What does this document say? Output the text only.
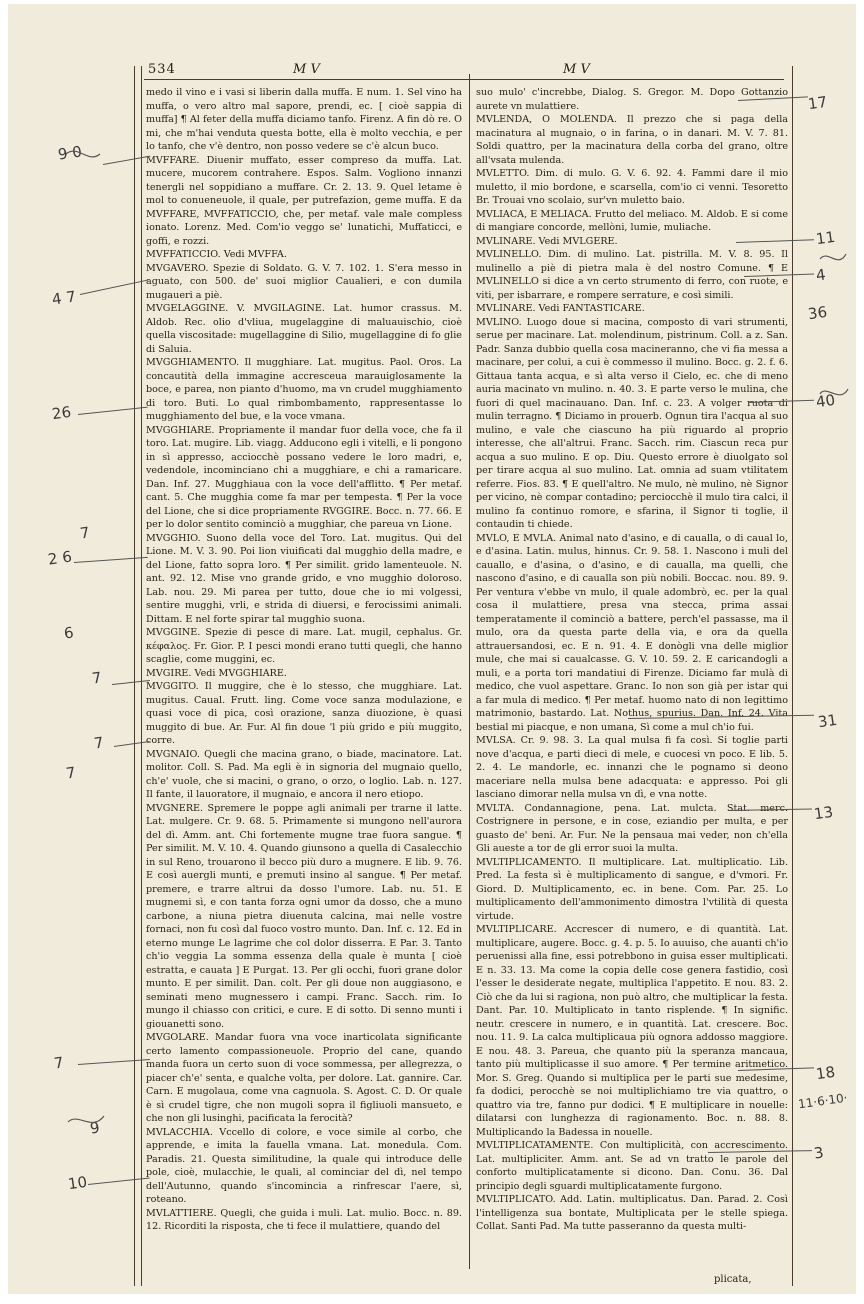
534	M V	M V

medo il vino e i vasi si liberin dalla muffa. E num. 1. Sel vino ha muffa, o vero altro mal sapore, prendi, ec. [ cioè sappia di muffa] ¶ Al feter della muffa diciamo tanfo. Firenz. A fin dò re. O mi, che m'hai venduta questa botte, ella è molto vecchia, e per lo tanfo, che v'è dentro, non posso vedere se c'è alcun buco.

MVFFARE. Diuenir muffato, esser compreso da muffa. Lat. mucere, mucorem contrahere. Espos. Salm. Vogliono innanzi tenergli nel soppidiano a muffare. Cr. 2. 13. 9. Quel letame è mol to conueneuole, il quale, per putrefazion, geme muffa. E da MVFFARE, MVFFATICCIO, che, per metaf. vale male compless ionato. Lorenz. Med. Com'io veggo se' lunatichi, Muffaticci, e goffi, e rozzi.

MVFFATICCIO. Vedi MVFFA.

MVGAVERO. Spezie di Soldato. G. V. 7. 102. 1. S'era messo in aguato, con 500. de' suoi miglior Caualieri, e con dumila mugaueri a piè.

MVGELAGGINE. V. MVGILAGINE. Lat. humor crassus. M. Aldob. Rec. olio d'vliua, mugelaggine di maluauischio, cioè quella viscositade: mugellaggine di Silio, mugellaggine di fo glie di Saluia.

MVGGHIAMENTO. Il mugghiare. Lat. mugitus. Paol. Oros. La concautità della immagine accresceua marauiglosamente la boce, e parea, non pianto d'huomo, ma vn crudel mugghiamento di toro. Buti. Lo qual rimbombamento, rappresentasse lo mugghiamento del bue, e la voce vmana.

MVGGHIARE. Propriamente il mandar fuor della voce, che fa il toro. Lat. mugire. Lib. viagg. Adducono egli i vitelli, e li pongono in sì appresso, acciocchè possano vedere le loro madri, e, vedendole, incominciano chi a mugghiare, e chi a ramaricare. Dan. Inf. 27. Mugghiaua con la voce dell'afflitto. ¶ Per metaf. cant. 5. Che mugghia come fa mar per tempesta. ¶ Per la voce del Lione, che si dice propriamente RVGGIRE. Bocc. n. 77. 66. E per lo dolor sentito cominciò a mugghiar, che pareua vn Lione.

MVGGHIO. Suono della voce del Toro. Lat. mugitus. Qui del Lione. M. V. 3. 90. Poi lion viuificati dal mugghio della madre, e del Lione, fatto sopra loro. ¶ Per similit. grido lamenteuole. N. ant. 92. 12. Mise vno grande grido, e vno mugghio doloroso. Lab. nou. 29. Mi parea per tutto, doue che io mi volgessi, sentire mugghi, vrli, e strida di diuersi, e ferocissimi animali. Dittam. E nel forte spirar tal mugghio suona.

MVGGINE. Spezie di pesce di mare. Lat. mugil, cephalus. Gr. κέφαλος. Fr. Gior. P. I pesci mondi erano tutti quegli, che hanno scaglie, come muggini, ec.

MVGIRE. Vedi MVGGHIARE.

MVGGITO. Il muggire, che è lo stesso, che mugghiare. Lat. mugitus. Caual. Frutt. ling. Come voce sanza modulazione, e quasi voce di pica, così orazione, sanza diuozione, è quasi muggito di bue. Ar. Fur. Al fin doue 'l più grido e più muggito, corre.

MVGNAIO. Quegli che macina grano, o biade, macinatore. Lat. molitor. Coll. S. Pad. Ma egli è in signoria del mugnaio quello, ch'e' vuole, che si macini, o grano, o orzo, o loglio. Lab. n. 127. Il fante, il lauoratore, il mugnaio, e ancora il nero etiopo.

MVGNERE. Spremere le poppe agli animali per trarne il latte. Lat. mulgere. Cr. 9. 68. 5. Primamente si mungono nell'aurora del dì. Amm. ant. Chi fortemente mugne trae fuora sangue. ¶ Per similit. M. V. 10. 4. Quando giunsono a quella di Casalecchio in sul Reno, trouarono il becco più duro a mugnere. E lib. 9. 76. E così auergli munti, e premuti insino al sangue. ¶ Per metaf. premere, e trarre altrui da dosso l'umore. Lab. nu. 51. E mugnemi sì, e con tanta forza ogni umor da dosso, che a muno carbone, a niuna pietra diuenuta calcina, mai nelle vostre fornaci, non fu così dal fuoco vostro munto. Dan. Inf. c. 12. Ed in eterno munge Le lagrime che col dolor disserra. E Par. 3. Tanto ch'io veggia La somma essenza della quale è munta [ cioè estratta, e cauata ] E Purgat. 13. Per gli occhi, fuori grane dolor munto. E per similit. Dan. colt. Per gli doue non auggiasono, e seminati meno mugnessero i campi. Franc. Sacch. rim. Io mungo il chiasso con critici, e cure. E di sotto. Di senno munti i giouanetti sono.

MVGOLARE. Mandar fuora vna voce inarticolata significante certo lamento compassioneuole. Proprio del cane, quando manda fuora un certo suon di voce sommessa, per allegrezza, o piacer ch'e' senta, e qualche volta, per dolore. Lat. gannire. Car. Carn. E mugolaua, come vna cagnuola. S. Agost. C. D. Or quale è sì crudel tigre, che non mugoli sopra il figliuoli mansueto, e che non gli lusinghi, pacificata la ferocità?

MVLACCHIA. Vccello di colore, e voce simile al corbo, che apprende, e imita la fauella vmana. Lat. monedula. Com. Paradis. 21. Questa similitudine, la quale qui introduce delle pole, cioè, mulacchie, le quali, al cominciar del dì, nel tempo dell'Autunno, quando s'incomincia a rinfrescar l'aere, sì, roteano.

MVLATTIERE. Quegli, che guida i muli. Lat. mulio. Bocc. n. 89. 12. Ricorditi la risposta, che ti fece il mulattiere, quando del

suo mulo' c'increbbe, Dialog. S. Gregor. M. Dopo Gottanzio aurete vn mulattiere.

MVLENDA, O MOLENDA. Il prezzo che si paga della macinatura al mugnaio, o in farina, o in danari. M. V. 7. 81. Soldi quattro, per la macinatura della corba del grano, oltre all'vsata mulenda.

MVLETTO. Dim. di mulo. G. V. 6. 92. 4. Fammi dare il mio muletto, il mio bordone, e scarsella, com'io ci venni. Tesoretto Br. Trouai vno scolaio, sur'vn muletto baio.

MVLIACA, E MELIACA. Frutto del meliaco. M. Aldob. E si come di mangiare concorde, mellòni, lumie, muliache.

MVLINARE. Vedi MVLGERE.

MVLINELLO. Dim. di mulino. Lat. pistrilla. M. V. 8. 95. Il mulinello a piè di pietra mala è del nostro Comune. ¶ E MVLINELLO si dice a vn certo strumento di ferro, con ruote, e viti, per isbarrare, e rompere serrature, e così simili.

MVLINARE. Vedi FANTASTICARE.

MVLINO. Luogo doue si macina, composto di vari strumenti, serue per macinare. Lat. molendinum, pistrinum. Coll. a z. San. Padr. Sanza dubbio quella cosa macineranno, che vi fia messa a macinare, per colui, a cui è commesso il mulino. Bocc. g. 2. f. 6. Gittaua tanta acqua, e sì alta verso il Cielo, ec. che di meno auria macinato vn mulino. n. 40. 3. E parte verso le mulina, che fuori di quel macinauano. Dan. Inf. c. 23. A volger ruota di mulin terragno. ¶ Diciamo in prouerb. Ognun tira l'acqua al suo mulino, e vale che ciascuno ha più riguardo al proprio interesse, che all'altrui. Franc. Sacch. rim. Ciascun reca pur acqua a suo mulino. E op. Diu. Questo errore è diuolgato sol per tirare acqua al suo mulino. Lat. omnia ad suam vtilitatem referre. Fios. 83. ¶ E quell'altro. Ne mulo, nè mulino, nè Signor per vicino, nè compar contadino; perciocchè il mulo tira calci, il mulino fa continuo romore, e sfarina, il Signor ti toglie, il contaudin ti chiede.

MVLO, E MVLA. Animal nato d'asino, e di caualla, o di caual lo, e d'asina. Latin. mulus, hinnus. Cr. 9. 58. 1. Nascono i muli del cauallo, e d'asina, o d'asino, e di caualla, ma quelli, che nascono d'asino, e di caualla son più nobili. Boccac. nou. 89. 9. Per ventura v'ebbe vn mulo, il quale adombrò, ec. per la qual cosa il mulattiere, presa vna stecca, prima assai temperatamente il cominciò a battere, perch'el passasse, ma il mulo, ora da questa parte della via, e ora da quella attrauersandosi, ec. E n. 91. 4. E donògli vna delle miglior mule, che mai si caualcasse. G. V. 10. 59. 2. E caricandogli a muli, e a porta tori mandatiui di Firenze. Diciamo far mulà di medico, che vuol aspettare. Granc. Io non son già per istar qui a far mula di medico. ¶ Per metaf. huomo nato di non legittimo matrimonio, bastardo. Lat. Nothus, spurius. Dan. Inf. 24. Vita bestial mi piacque, e non umana, Sì come a mul ch'io fui.

MVLSA. Cr. 9. 98. 3. La qual mulsa fi fa così. Si toglie parti nove d'acqua, e parti dieci di mele, e cuocesi vn poco. E lib. 5. 2. 4. Le mandorle, ec. innanzi che le pognamo si deono maceriare nella mulsa bene adacquata: e appresso. Poi gli lasciano dimorar nella mulsa vn dì, e vna notte.

MVLTA. Condannagione, pena. Lat. mulcta. Stat. merc. Costrignere in persone, e in cose, eziandio per multa, e per guasto de' beni. Ar. Fur. Ne la pensaua mai veder, non ch'ella Gli aueste a tor de gli error suoi la multa.

MVLTIPLICAMENTO. Il multiplicare. Lat. multiplicatio. Lib. Pred. La festa sì è multiplicamento di sangue, e d'vmori. Fr. Giord. D. Multiplicamento, ec. in bene. Com. Par. 25. Lo multiplicamento dell'ammonimento dimostra l'vtilità di questa virtude.

MVLTIPLICARE. Accrescer di numero, e di quantità. Lat. multiplicare, augere. Bocc. g. 4. p. 5. Io auuiso, che auanti ch'io peruenissi alla fine, essi potrebbono in guisa esser multiplicati. E n. 33. 13. Ma come la copia delle cose genera fastidio, così l'esser le desiderate negate, multiplica l'appetito. E nou. 83. 2. Ciò che da lui si ragiona, non può altro, che multiplicar la festa. Dant. Par. 10. Multiplicato in tanto risplende. ¶ In signific. neutr. crescere in numero, e in quantità. Lat. crescere. Boc. nou. 11. 9. La calca multiplicaua più ognora addosso maggiore. E nou. 48. 3. Pareua, che quanto più la speranza mancaua, tanto più multiplicasse il suo amore. ¶ Per termine aritmetico. Mor. S. Greg. Quando si multiplica per le parti sue medesime, fa dodici, perocchè se noi multiplichiamo tre via quattro, o quattro via tre, fanno pur dodici. ¶ E multiplicare in nouelle: dilatarsi con lunghezza di ragionamento. Boc. n. 88. 8. Multiplicando la Badessa in nouelle.

MVLTIPLICATAMENTE. Con multiplicità, con accrescimento. Lat. multipliciter. Amm. ant. Se ad vn tratto le parole del conforto multiplicatamente si dicono. Dan. Conu. 36. Dal principio degli sguardi multiplicatamente furgono.

MVLTIPLICATO. Add. Latin. multiplicatus. Dan. Parad. 2. Così l'intelligenza sua bontate, Multiplicata per le stelle spiega. Collat. Santi Pad. Ma tutte passeranno da questa multi-

plicata,
9 0
4 7
26
7
2 6
6
7
7
7
7
9
10
17
11
4
36
40
31
13
18
11·6·10·
3
